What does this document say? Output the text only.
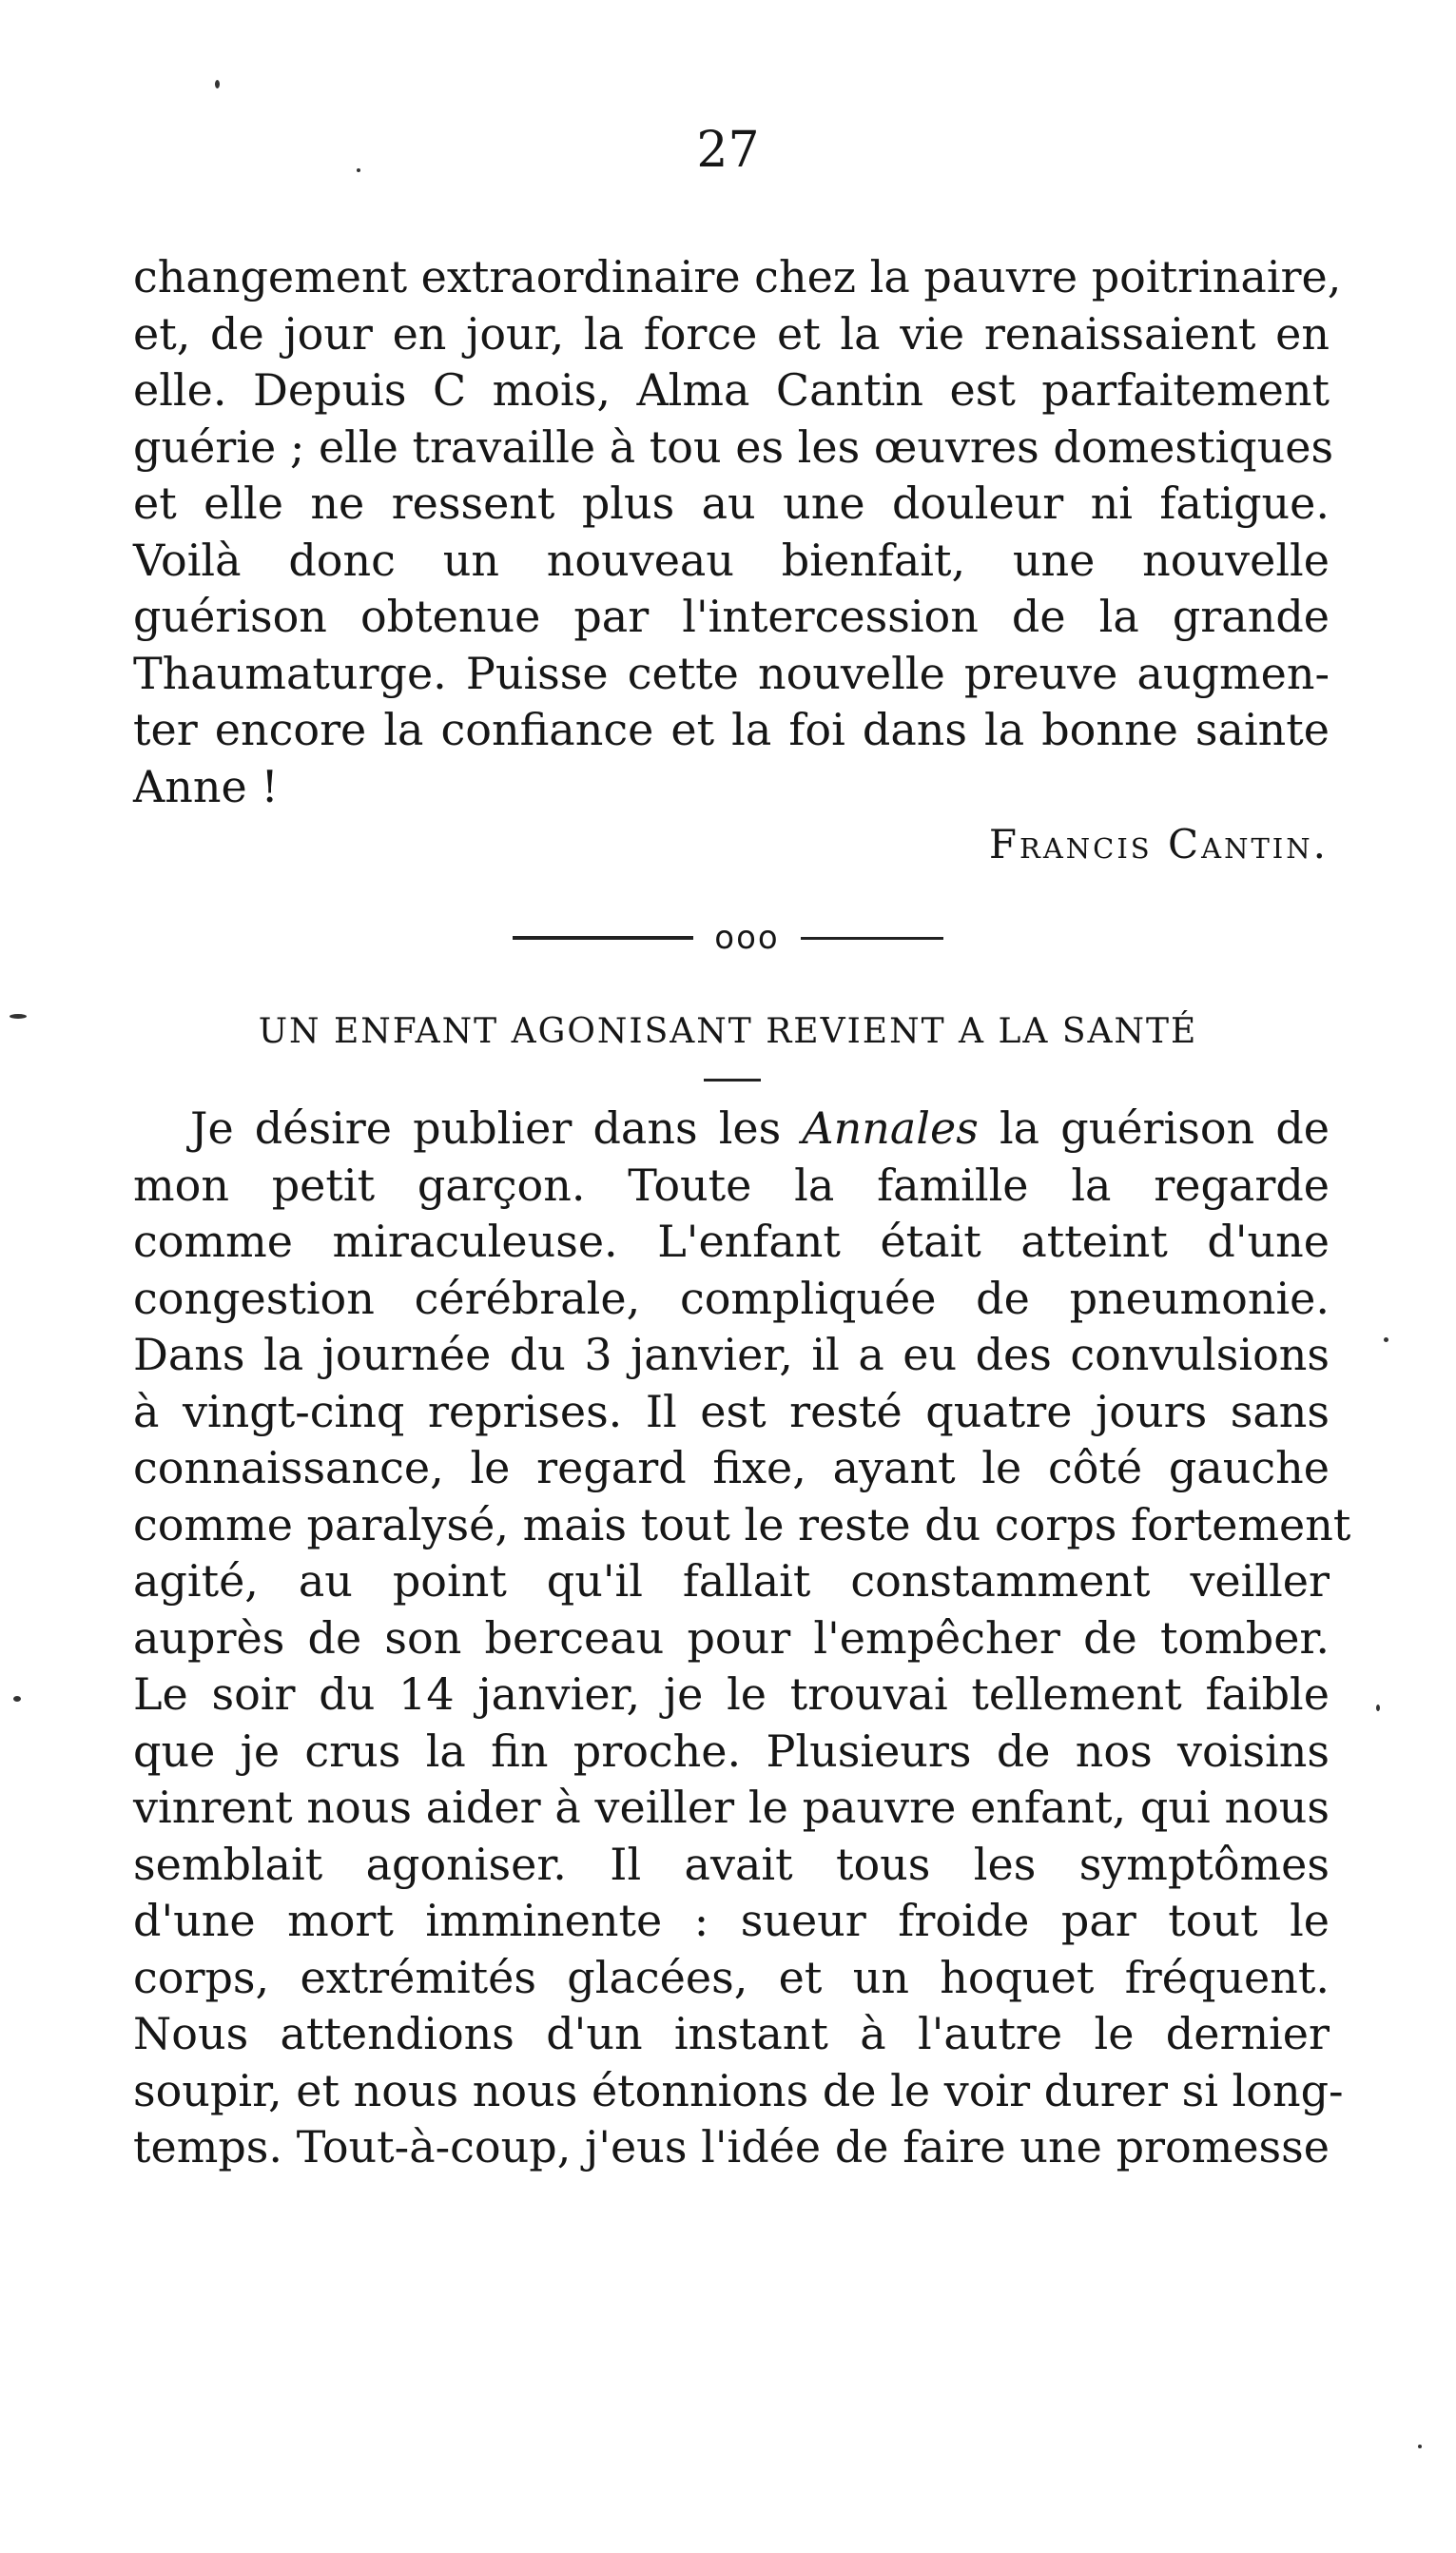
27
changement extraordinaire chez la pauvre poitrinaire,
et, de jour en jour, la force et la vie renaissaient en
elle. Depuis C mois, Alma Cantin est parfaitement
guérie ; elle travaille à tou es les œuvres domestiques
et elle ne ressent plus au une douleur ni fatigue.
Voilà donc un nouveau bienfait, une nouvelle
guérison obtenue par l'intercession de la grande
Thaumaturge. Puisse cette nouvelle preuve augmen-
ter encore la confiance et la foi dans la bonne sainte
Anne !
Francis Cantin.
ooo
UN ENFANT AGONISANT REVIENT A LA SANTÉ
Je désire publier dans les Annales la guérison de
mon petit garçon. Toute la famille la regarde
comme miraculeuse. L'enfant était atteint d'une
congestion cérébrale, compliquée de pneumonie.
Dans la journée du 3 janvier, il a eu des convulsions
à vingt-cinq reprises. Il est resté quatre jours sans
connaissance, le regard fixe, ayant le côté gauche
comme paralysé, mais tout le reste du corps fortement
agité, au point qu'il fallait constamment veiller
auprès de son berceau pour l'empêcher de tomber.
Le soir du 14 janvier, je le trouvai tellement faible
que je crus la fin proche. Plusieurs de nos voisins
vinrent nous aider à veiller le pauvre enfant, qui nous
semblait agoniser. Il avait tous les symptômes
d'une mort imminente : sueur froide par tout le
corps, extrémités glacées, et un hoquet fréquent.
Nous attendions d'un instant à l'autre le dernier
soupir, et nous nous étonnions de le voir durer si long-
temps. Tout-à-coup, j'eus l'idée de faire une promesse
